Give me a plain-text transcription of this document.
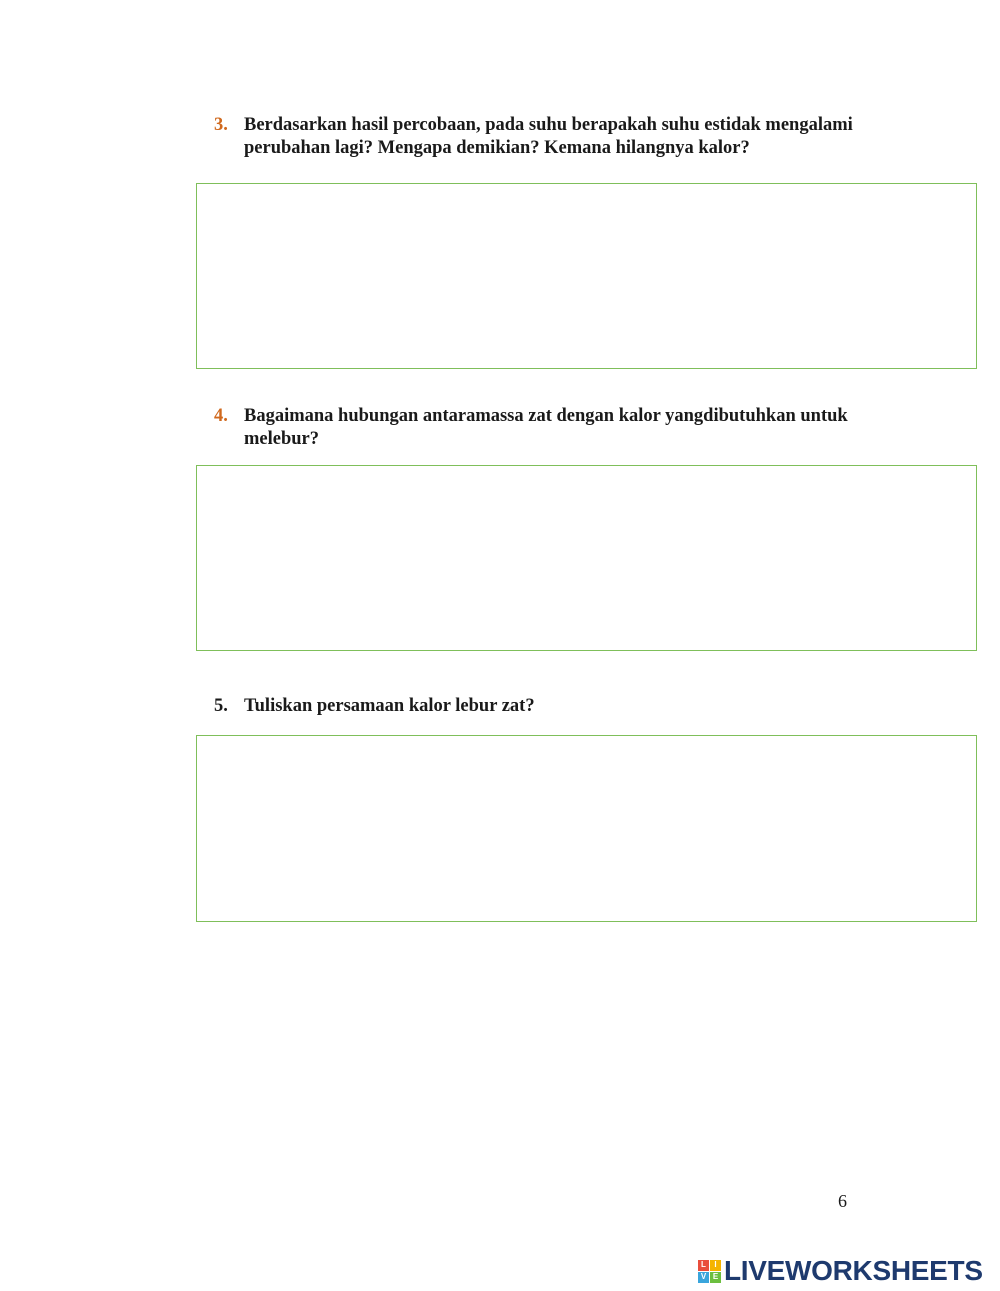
3. Berdasarkan hasil percobaan, pada suhu berapakah suhu estidak mengalami perubahan lagi? Mengapa demikian? Kemana hilangnya kalor?
4. Bagaimana hubungan antaramassa zat dengan kalor yangdibutuhkan untuk melebur?
5. Tuliskan persamaan kalor lebur zat?
6
L	I
V E LIVEWORKSHEETS
